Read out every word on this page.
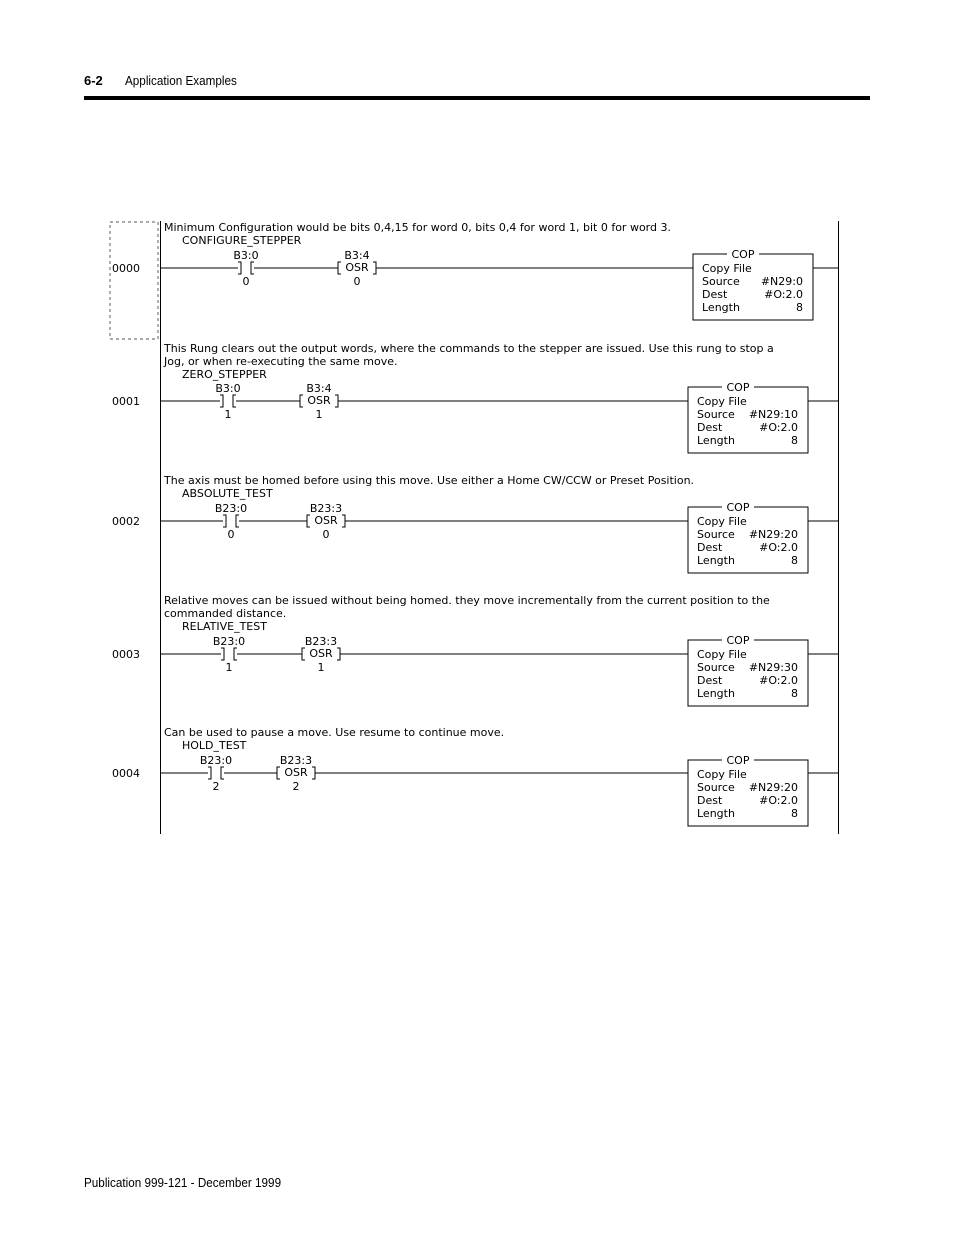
6-2 Application Examples
0000
Minimum Configuration would be bits 0,4,15 for word 0, bits 0,4 for word 1, bit 0 for word 3.
CONFIGURE_STEPPER
B3:0
0
OSR
B3:4
0
COP
Copy File
Source #N29:0
Dest	#O:2.0
Length	8
0001
This Rung clears out the output words, where the commands to the stepper are issued. Use this rung to stop a
Jog, or when re-executing the same move.
ZERO_STEPPER
B3:0
1
OSR
B3:4
1
COP
Copy File
Source #N29:10
Dest	#O:2.0
Length	8
0002
The axis must be homed before using this move. Use either a Home CW/CCW or Preset Position.
ABSOLUTE_TEST
B23:0
0
OSR
B23:3
0
COP
Copy File
Source #N29:20
Dest	#O:2.0
Length	8
0003
Relative moves can be issued without being homed. they move incrementally from the current position to the
commanded distance.
RELATIVE_TEST
B23:0
1
OSR
B23:3
1
COP
Copy File
Source #N29:30
Dest	#O:2.0
Length	8
0004
Can be used to pause a move. Use resume to continue move.
HOLD_TEST
B23:0
2
OSR
B23:3
2
COP
Copy File
Source #N29:20
Dest	#O:2.0
Length	8
Publication 999-121 - December 1999
